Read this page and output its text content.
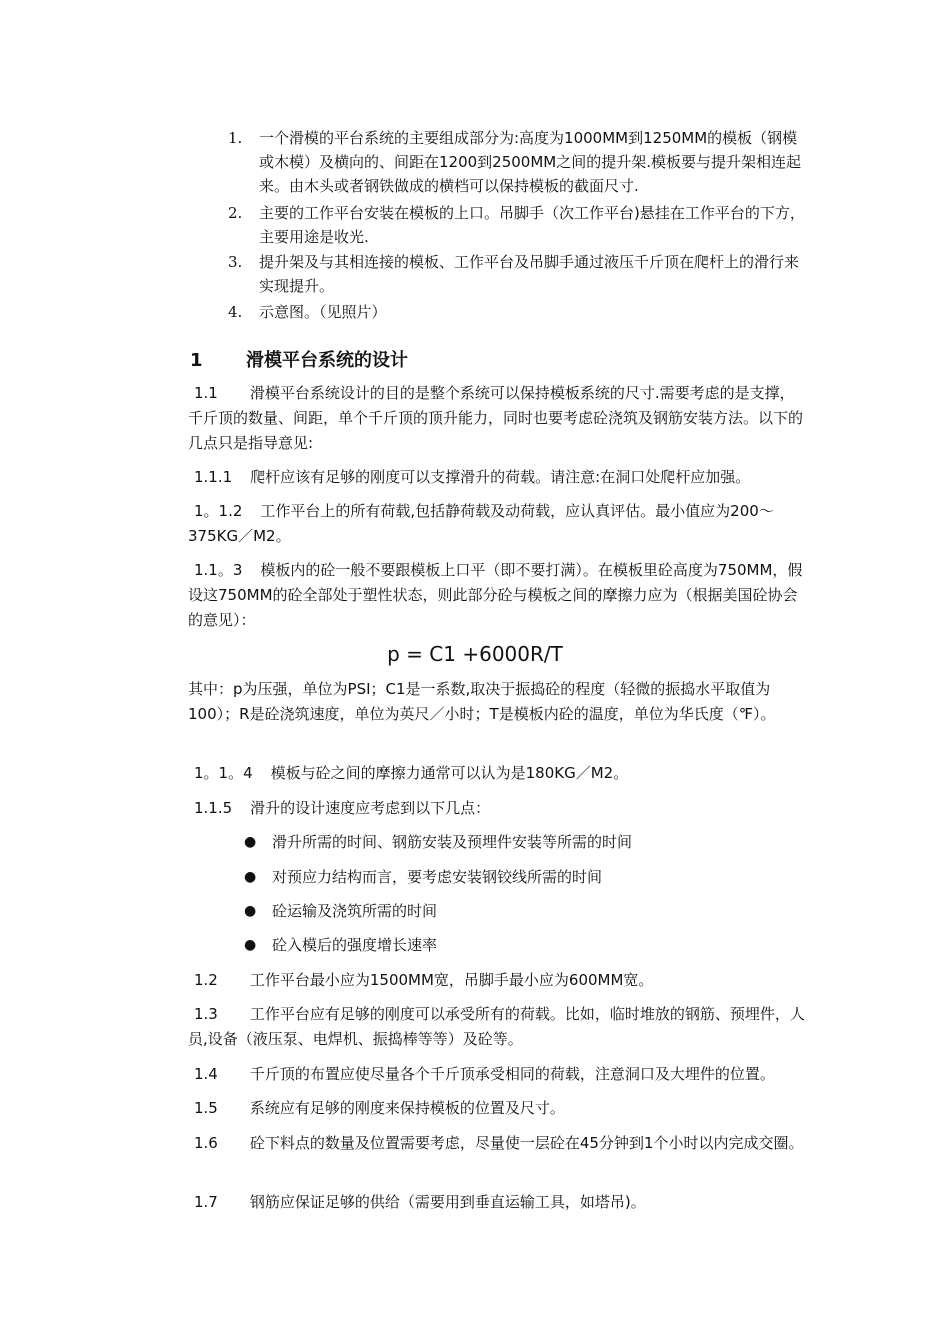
1.	一个滑模的平台系统的主要组成部分为:高度为1000MM到1250MM的模板（钢模或木模）及横向的、间距在1200到2500MM之间的提升架.模板要与提升架相连起来。由木头或者钢铁做成的横档可以保持模板的截面尺寸.
2.	主要的工作平台安装在模板的上口。吊脚手（次工作平台)悬挂在工作平台的下方，主要用途是收光.
3.	提升架及与其相连接的模板、工作平台及吊脚手通过液压千斤顶在爬杆上的滑行来实现提升。
4.	示意图。（见照片）
1 滑模平台系统的设计
1.1 滑模平台系统设计的目的是整个系统可以保持模板系统的尺寸.需要考虑的是支撑，千斤顶的数量、间距，单个千斤顶的顶升能力，同时也要考虑砼浇筑及钢筋安装方法。以下的几点只是指导意见:
1.1.1 爬杆应该有足够的刚度可以支撑滑升的荷载。请注意:在洞口处爬杆应加强。
1。1.2 工作平台上的所有荷载,包括静荷载及动荷载，应认真评估。最小值应为200～375KG／M2。
1.1。3 模板内的砼一般不要跟模板上口平（即不要打满）。在模板里砼高度为750MM，假设这750MM的砼全部处于塑性状态，则此部分砼与模板之间的摩擦力应为（根据美国砼协会的意见）：
p = C1 +6000R/T
其中：p为压强，单位为PSI；C1是一系数,取决于振捣砼的程度（轻微的振捣水平取值为100）；R是砼浇筑速度，单位为英尺／小时；T是模板内砼的温度，单位为华氏度（℉）。
1。1。4 模板与砼之间的摩擦力通常可以认为是180KG／M2。
1.1.5 滑升的设计速度应考虑到以下几点：
●	滑升所需的时间、钢筋安装及预埋件安装等所需的时间
●	对预应力结构而言，要考虑安装钢铰线所需的时间
●	砼运输及浇筑所需的时间
●	砼入模后的强度增长速率
1.2 工作平台最小应为1500MM宽，吊脚手最小应为600MM宽。
1.3 工作平台应有足够的刚度可以承受所有的荷载。比如，临时堆放的钢筋、预埋件，人员,设备（液压泵、电焊机、振捣棒等等）及砼等。
1.4 千斤顶的布置应使尽量各个千斤顶承受相同的荷载，注意洞口及大埋件的位置。
1.5 系统应有足够的刚度来保持模板的位置及尺寸。
1.6 砼下料点的数量及位置需要考虑，尽量使一层砼在45分钟到1个小时以内完成交圈。
1.7 钢筋应保证足够的供给（需要用到垂直运输工具，如塔吊)。
